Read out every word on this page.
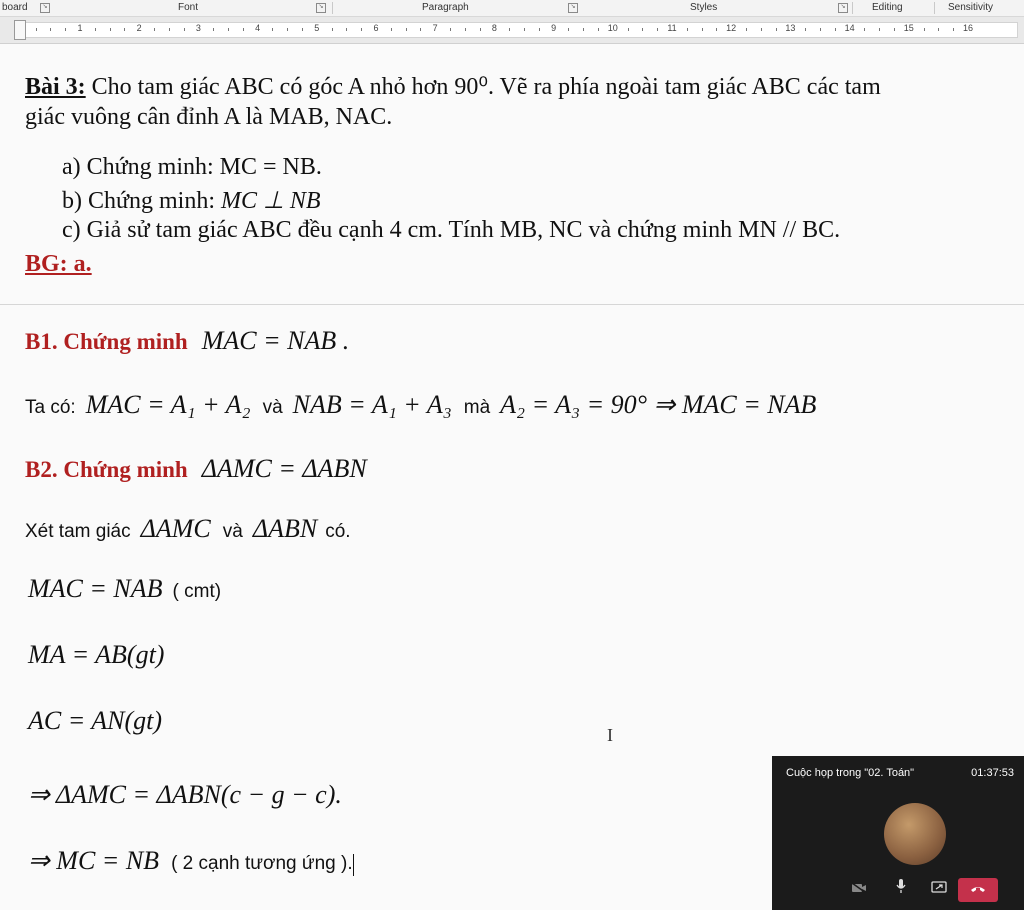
board	↘	Font	↘	Paragraph	↘	Styles	↘	Editing	Sensitivity
1	2	3	4	5	6	7	8	9	10	11	12	13	14	15	16
Bài 3: Cho tam giác ABC có góc A nhỏ hơn 90⁰. Vẽ ra phía ngoài tam giác ABC các tam
giác vuông cân đỉnh A là MAB, NAC.
a) Chứng minh: MC = NB.
b) Chứng minh: MC ⊥ NB
c) Giả sử tam giác ABC đều cạnh 4 cm. Tính MB, NC và chứng minh MN // BC.
BG: a.
B1. Chứng minh MAC = NAB .
Ta có: MAC = A₁ + A₂ và NAB = A₁ + A₃ mà A₂ = A₃ = 90° ⇒ MAC = NAB
B2. Chứng minh ΔAMC = ΔABN
Xét tam giác ΔAMC và ΔABN có.
MAC = NAB ( cmt)
MA = AB(gt)
AC = AN(gt)
⇒ ΔAMC = ΔABN(c − g − c).
⇒ MC = NB ( 2 cạnh tương ứng ).
I
Cuộc họp trong "02. Toán"	01:37:53
